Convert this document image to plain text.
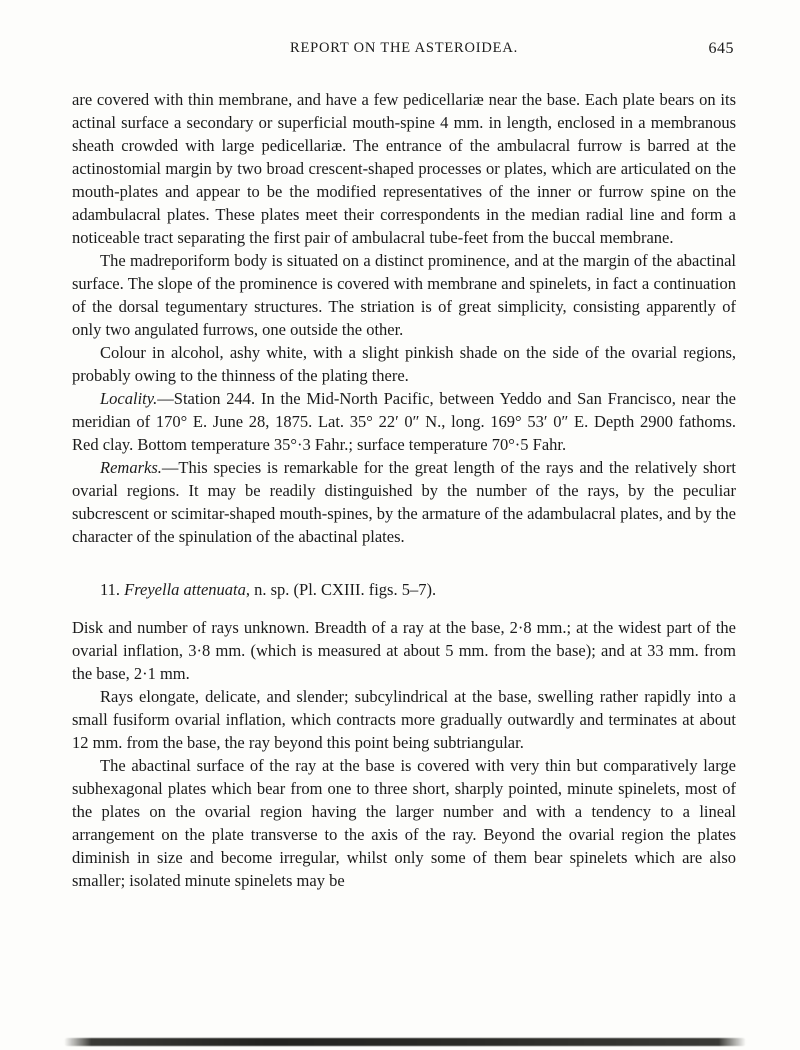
REPORT ON THE ASTEROIDEA.	645

are covered with thin membrane, and have a few pedicellariæ near the base. Each plate bears on its actinal surface a secondary or superficial mouth-spine 4 mm. in length, enclosed in a membranous sheath crowded with large pedicellariæ. The entrance of the ambulacral furrow is barred at the actinostomial margin by two broad crescent-shaped processes or plates, which are articulated on the mouth-plates and appear to be the modified representatives of the inner or furrow spine on the adambulacral plates. These plates meet their correspondents in the median radial line and form a noticeable tract separating the first pair of ambulacral tube-feet from the buccal membrane.

The madreporiform body is situated on a distinct prominence, and at the margin of the abactinal surface. The slope of the prominence is covered with membrane and spinelets, in fact a continuation of the dorsal tegumentary structures. The striation is of great simplicity, consisting apparently of only two angulated furrows, one outside the other.

Colour in alcohol, ashy white, with a slight pinkish shade on the side of the ovarial regions, probably owing to the thinness of the plating there.

Locality.—Station 244. In the Mid-North Pacific, between Yeddo and San Francisco, near the meridian of 170° E. June 28, 1875. Lat. 35° 22′ 0″ N., long. 169° 53′ 0″ E. Depth 2900 fathoms. Red clay. Bottom temperature 35°·3 Fahr.; surface temperature 70°·5 Fahr.

Remarks.—This species is remarkable for the great length of the rays and the relatively short ovarial regions. It may be readily distinguished by the number of the rays, by the peculiar subcrescent or scimitar-shaped mouth-spines, by the armature of the adambulacral plates, and by the character of the spinulation of the abactinal plates.

11. Freyella attenuata, n. sp. (Pl. CXIII. figs. 5–7).

Disk and number of rays unknown. Breadth of a ray at the base, 2·8 mm.; at the widest part of the ovarial inflation, 3·8 mm. (which is measured at about 5 mm. from the base); and at 33 mm. from the base, 2·1 mm.

Rays elongate, delicate, and slender; subcylindrical at the base, swelling rather rapidly into a small fusiform ovarial inflation, which contracts more gradually outwardly and terminates at about 12 mm. from the base, the ray beyond this point being subtriangular.

The abactinal surface of the ray at the base is covered with very thin but comparatively large subhexagonal plates which bear from one to three short, sharply pointed, minute spinelets, most of the plates on the ovarial region having the larger number and with a tendency to a lineal arrangement on the plate transverse to the axis of the ray. Beyond the ovarial region the plates diminish in size and become irregular, whilst only some of them bear spinelets which are also smaller; isolated minute spinelets may be
